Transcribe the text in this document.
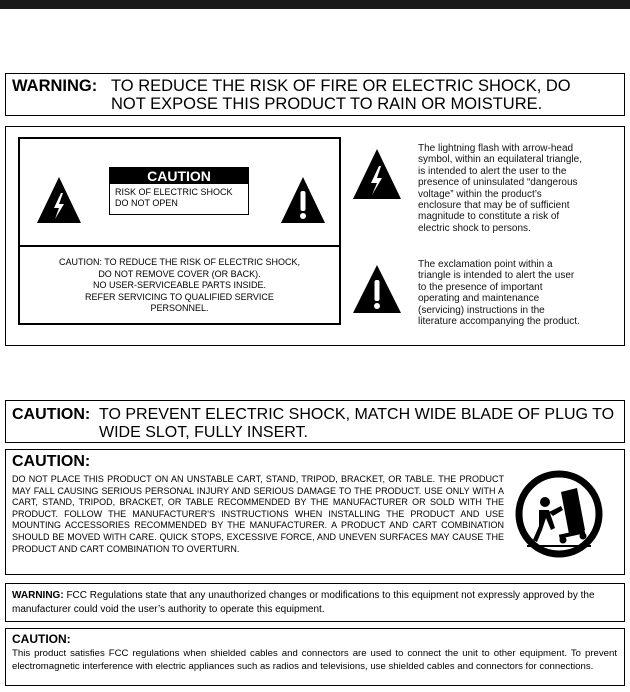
WARNING: TO REDUCE THE RISK OF FIRE OR ELECTRIC SHOCK, DO
NOT EXPOSE THIS PRODUCT TO RAIN OR MOISTURE.
CAUTION
RISK OF ELECTRIC SHOCK
DO NOT OPEN
CAUTION: TO REDUCE THE RISK OF ELECTRIC SHOCK,
DO NOT REMOVE COVER (OR BACK).
NO USER-SERVICEABLE PARTS INSIDE.
REFER SERVICING TO QUALIFIED SERVICE
PERSONNEL.
The lightning flash with arrow-head
symbol, within an equilateral triangle,
is intended to alert the user to the
presence of uninsulated “dangerous
voltage” within the product’s
enclosure that may be of sufficient
magnitude to constitute a risk of
electric shock to persons.
The exclamation point within a
triangle is intended to alert the user
to the presence of important
operating and maintenance
(servicing) instructions in the
literature accompanying the product.
CAUTION: TO PREVENT ELECTRIC SHOCK, MATCH WIDE BLADE OF PLUG TO
WIDE SLOT, FULLY INSERT.
CAUTION:
DO NOT PLACE THIS PRODUCT ON AN UNSTABLE CART, STAND, TRIPOD, BRACKET, OR TABLE. THE PRODUCT MAY FALL CAUSING SERIOUS PERSONAL INJURY AND SERIOUS DAMAGE TO THE PRODUCT. USE ONLY WITH A CART, STAND, TRIPOD, BRACKET, OR TABLE RECOMMENDED BY THE MANUFACTURER OR SOLD WITH THE PRODUCT. FOLLOW THE MANUFACTURER'S INSTRUCTIONS WHEN INSTALLING THE PRODUCT AND USE MOUNTING ACCESSORIES RECOMMENDED BY THE MANUFACTURER. A PRODUCT AND CART COMBINATION SHOULD BE MOVED WITH CARE. QUICK STOPS, EXCESSIVE FORCE, AND UNEVEN SURFACES MAY CAUSE THE PRODUCT AND CART COMBINATION TO OVERTURN.
WARNING: FCC Regulations state that any unauthorized changes or modifications to this equipment not expressly approved by the manufacturer could void the user’s authority to operate this equipment.
CAUTION:
This product satisfies FCC regulations when shielded cables and connectors are used to connect the unit to other equipment. To prevent electromagnetic interference with electric appliances such as radios and televisions, use shielded cables and connectors for connections.
